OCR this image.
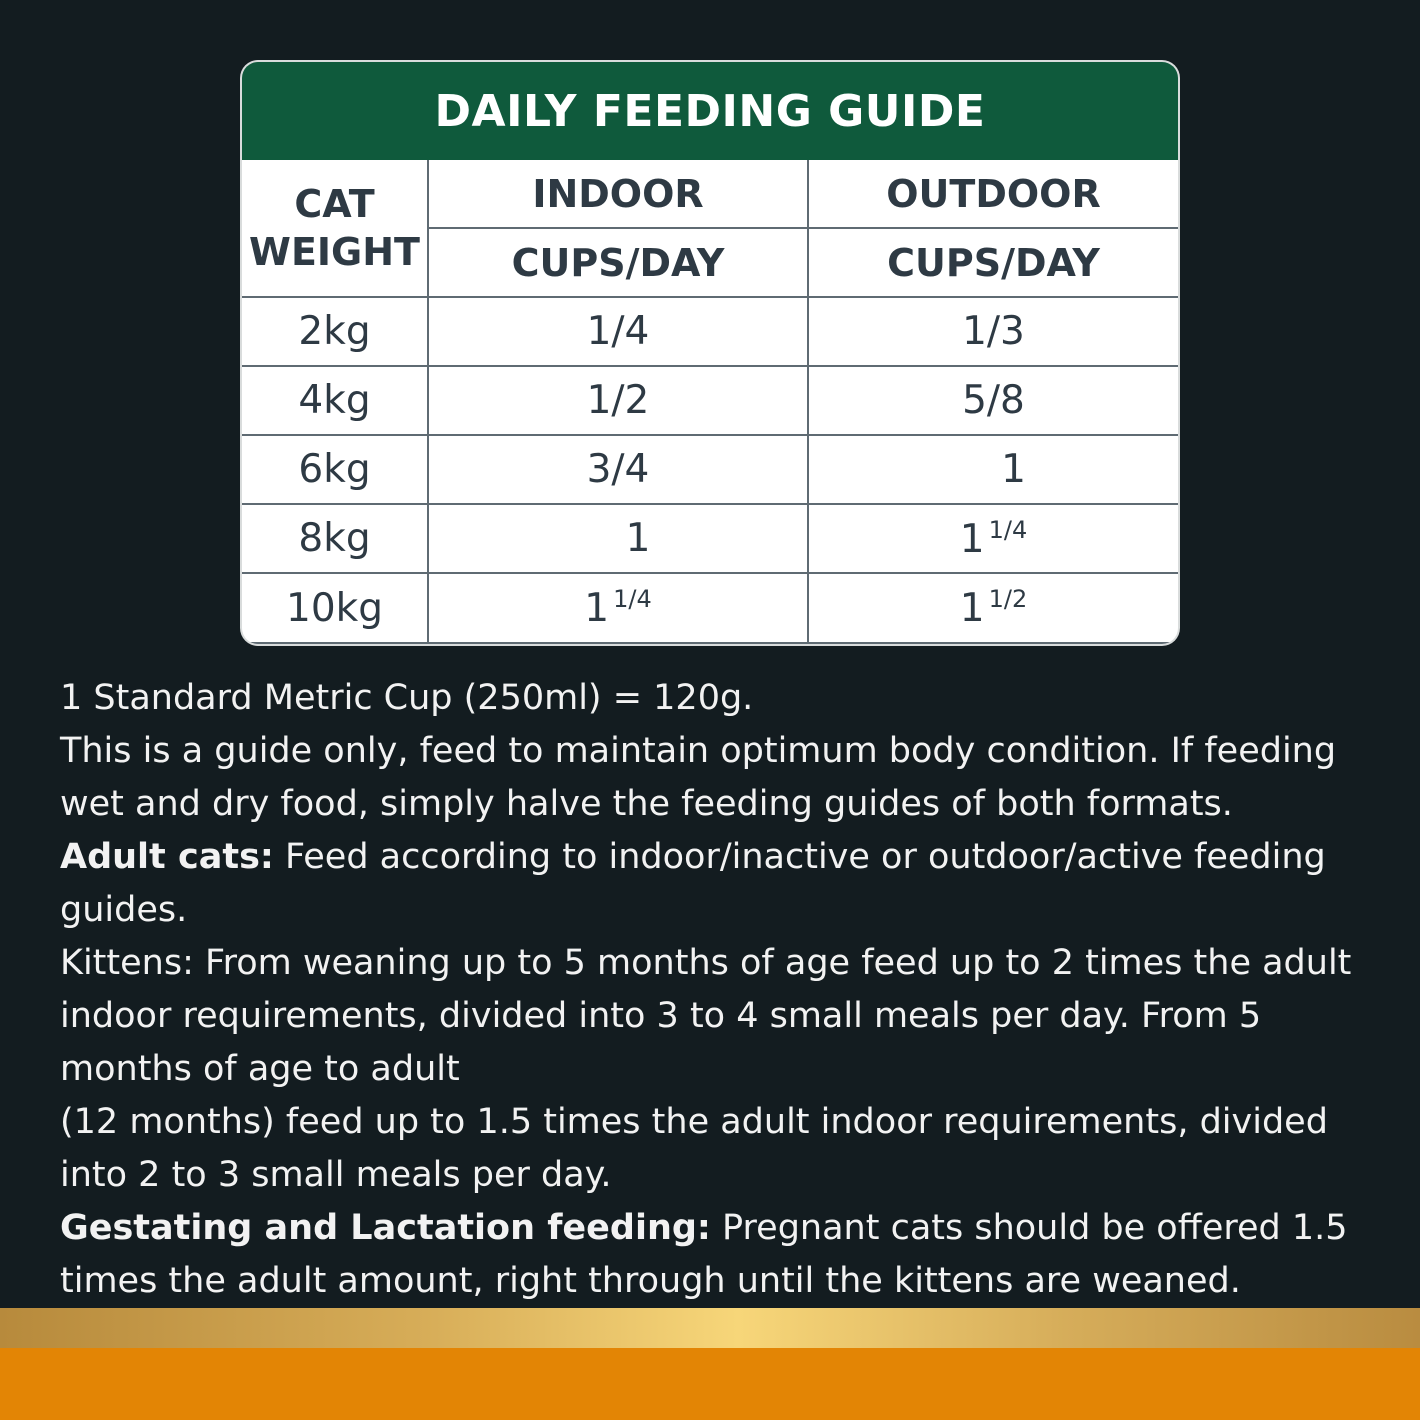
DAILY FEEDING GUIDE
CAT
WEIGHT	INDOOR	OUTDOOR
	CUPS/DAY	CUPS/DAY
2kg	1/4	1/3
4kg	1/2	5/8
6kg	3/4	1
8kg	1	1 $^{1/4}$
10kg	1 $^{1/4}$	1 $^{1/2}$

1 Standard Metric Cup (250ml) = 120g.

This is a guide only, feed to maintain optimum body condition. If feeding wet and dry food, simply halve the feeding guides of both formats.

Adult cats: Feed according to indoor/inactive or outdoor/active feeding guides.

Kittens: From weaning up to 5 months of age feed up to 2 times the adult indoor requirements, divided into 3 to 4 small meals per day. From 5 months of age to adult

(12 months) feed up to 1.5 times the adult indoor requirements, divided into 2 to 3 small meals per day.

Gestating and Lactation feeding: Pregnant cats should be offered 1.5 times the adult amount, right through until the kittens are weaned.
